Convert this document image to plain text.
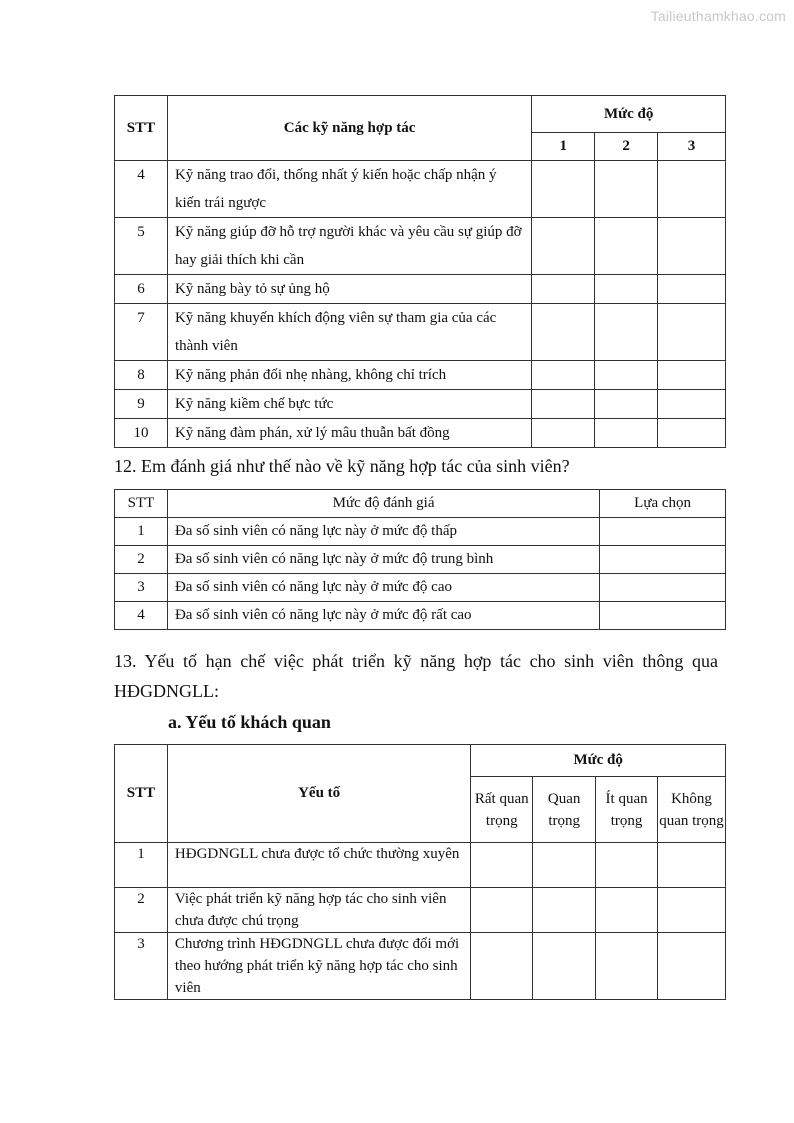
Tailieuthamkhao.com
STT	Các kỹ năng hợp tác	Mức độ		
		1	2	3
4	Kỹ năng trao đổi, thống nhất ý kiến hoặc chấp nhận ý kiến trái ngược			
5	Kỹ năng giúp đỡ hỗ trợ người khác và yêu cầu sự giúp đỡ hay giải thích khi cần			
6	Kỹ năng bày tỏ sự ủng hộ			
7	Kỹ năng khuyến khích động viên sự tham gia của các thành viên			
8	Kỹ năng phản đối nhẹ nhàng, không chỉ trích			
9	Kỹ năng kiềm chế bực tức			
10	Kỹ năng đàm phán, xử lý mâu thuẫn bất đồng			
12. Em đánh giá như thế nào về kỹ năng hợp tác của sinh viên?
STT	Mức độ đánh giá	Lựa chọn
1	Đa số sinh viên có năng lực này ở mức độ thấp	
2	Đa số sinh viên có năng lực này ở mức độ trung bình	
3	Đa số sinh viên có năng lực này ở mức độ cao	
4	Đa số sinh viên có năng lực này ở mức độ rất cao	
13. Yếu tố hạn chế việc phát triển kỹ năng hợp tác cho sinh viên thông qua HĐGDNGLL:
a. Yếu tố khách quan
STT	Yếu tố	Mức độ			
		Rất quan trọng	Quan trọng	Ít quan trọng	Không quan trọng
1	HĐGDNGLL chưa được tổ chức thường xuyên				
2	Việc phát triển kỹ năng hợp tác cho sinh viên chưa được chú trọng				
3	Chương trình HĐGDNGLL chưa được đổi mới theo hướng phát triển kỹ năng hợp tác cho sinh viên				
